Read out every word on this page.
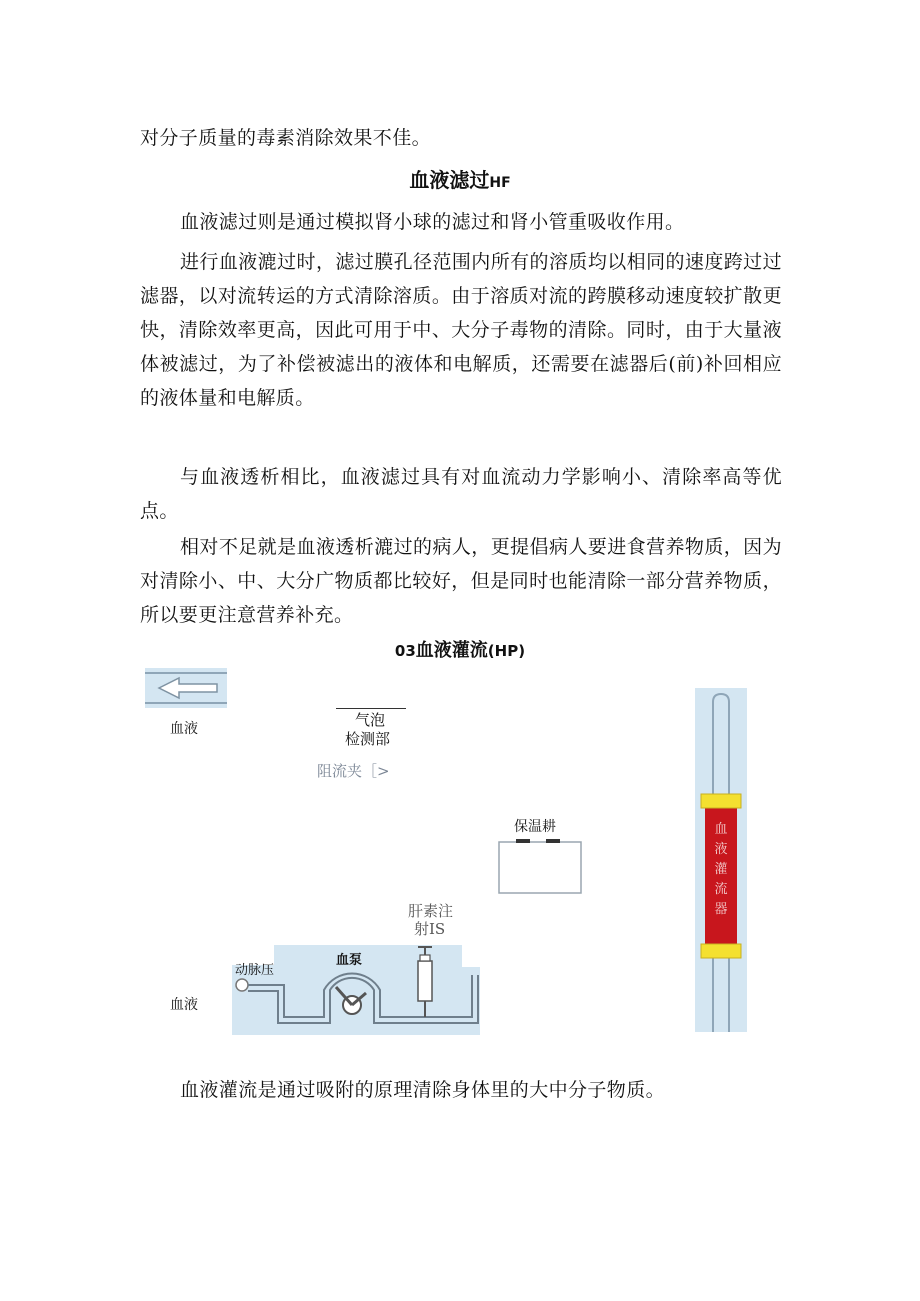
对分子质量的毒素消除效果不佳。

血液滤过HF

血液滤过则是通过模拟肾小球的滤过和肾小管重吸收作用。

进行血液漉过时，滤过膜孔径范围内所有的溶质均以相同的速度跨过过滤器，以对流转运的方式清除溶质。由于溶质对流的跨膜移动速度较扩散更快，清除效率更高，因此可用于中、大分子毒物的清除。同时，由于大量液体被滤过，为了补偿被滤出的液体和电解质，还需要在滤器后(前)补回相应的液体量和电解质。

与血液透析相比，血液滤过具有对血流动力学影响小、清除率高等优点。

相对不足就是血液透析漉过的病人，更提倡病人要进食营养物质，因为对清除小、中、大分广物质都比较好，但是同时也能清除一部分营养物质，所以要更注意营养补充。

03血液灌流(HP)
血液	气泡
检测部
阻流夹［>
保温耕
肝素注
射IS
动脉压
血泵
血液
血
液
灌
流
器

血液灌流是通过吸附的原理清除身体里的大中分子物质。
